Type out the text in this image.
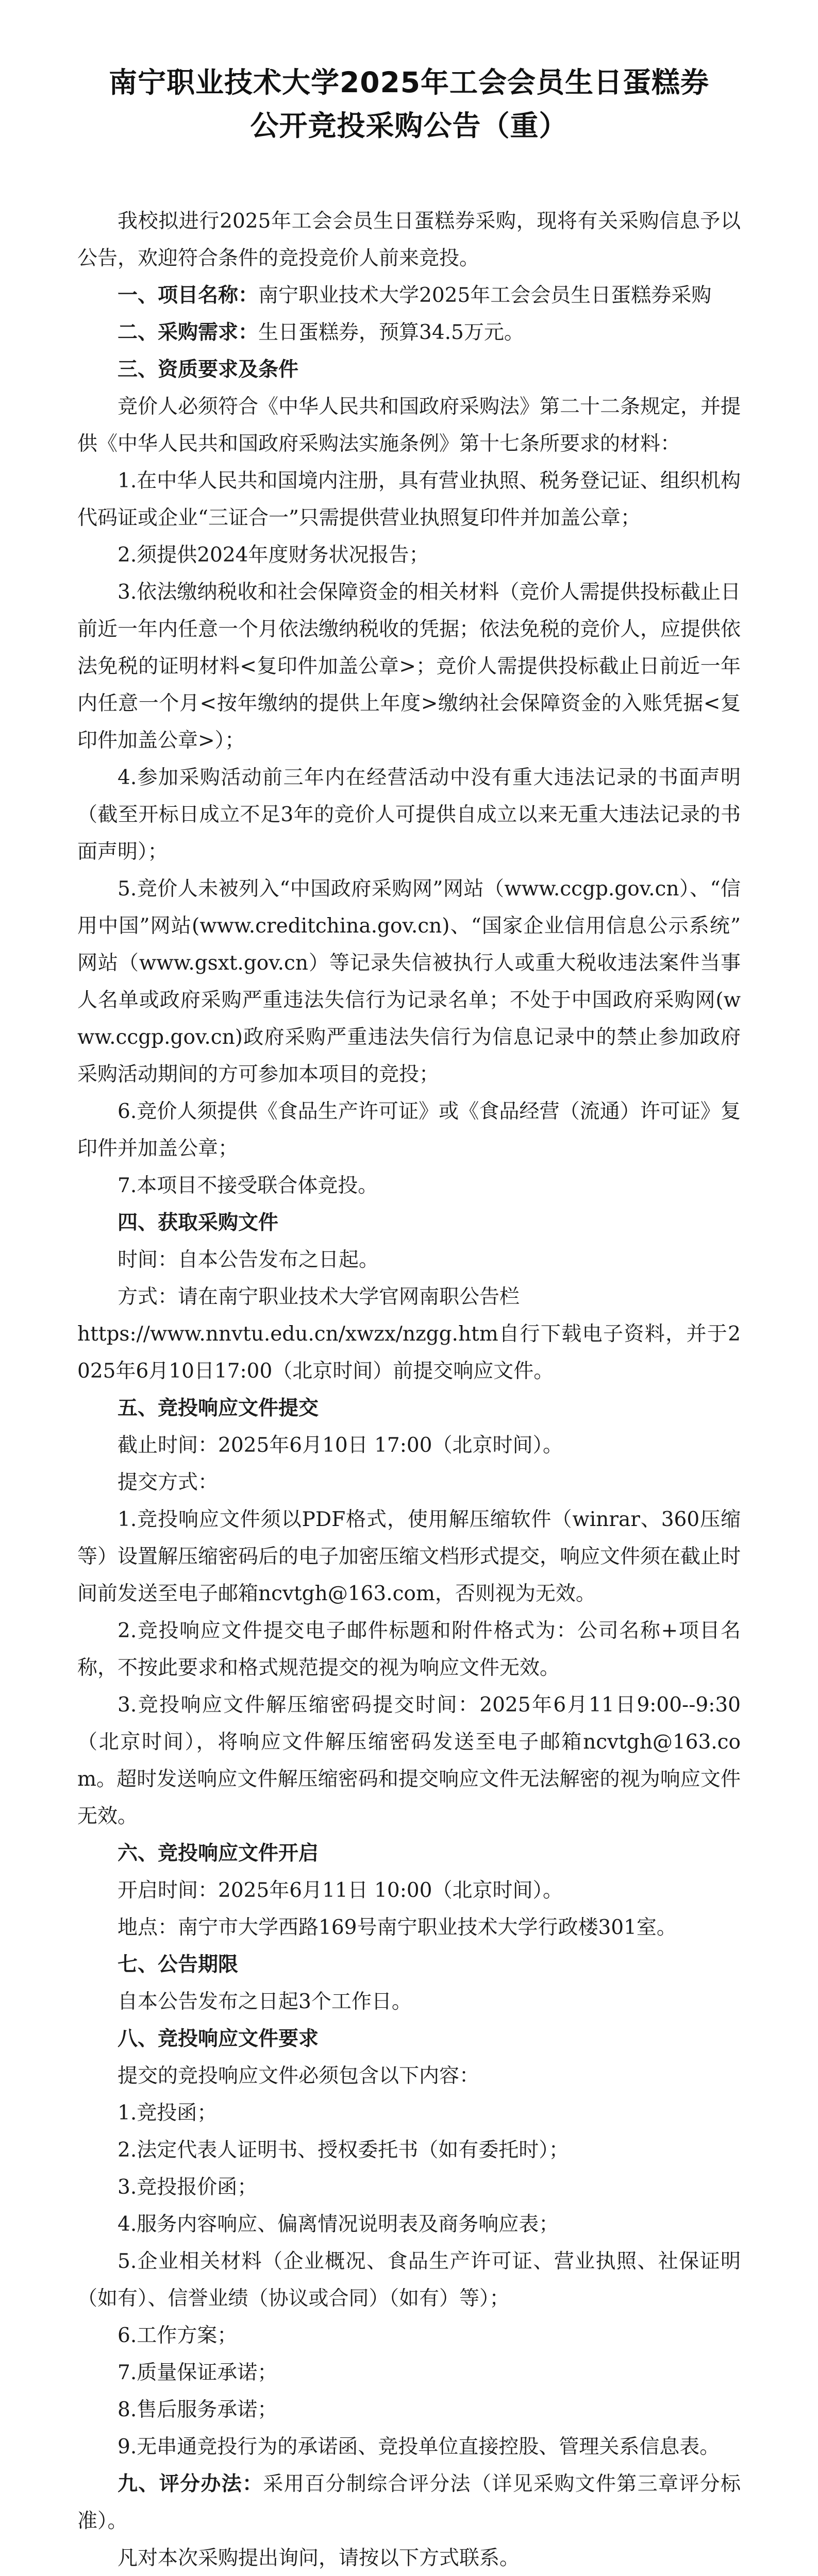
南宁职业技术大学2025年工会会员生日蛋糕券
公开竞投采购公告（重）

我校拟进行2025年工会会员生日蛋糕券采购，现将有关采购信息予以公告，欢迎符合条件的竞投竞价人前来竞投。

一、项目名称：南宁职业技术大学2025年工会会员生日蛋糕券采购

二、采购需求：生日蛋糕券，预算34.5万元。

三、资质要求及条件

竞价人必须符合《中华人民共和国政府采购法》第二十二条规定，并提供《中华人民共和国政府采购法实施条例》第十七条所要求的材料：

1.在中华人民共和国境内注册，具有营业执照、税务登记证、组织机构代码证或企业“三证合一”只需提供营业执照复印件并加盖公章；

2.须提供2024年度财务状况报告；

3.依法缴纳税收和社会保障资金的相关材料（竞价人需提供投标截止日前近一年内任意一个月依法缴纳税收的凭据；依法免税的竞价人，应提供依法免税的证明材料<复印件加盖公章>；竞价人需提供投标截止日前近一年内任意一个月<按年缴纳的提供上年度>缴纳社会保障资金的入账凭据<复印件加盖公章>）；

4.参加采购活动前三年内在经营活动中没有重大违法记录的书面声明（截至开标日成立不足3年的竞价人可提供自成立以来无重大违法记录的书面声明）；

5.竞价人未被列入“中国政府采购网”网站（www.ccgp.gov.cn）、“信用中国”网站(www.creditchina.gov.cn)、“国家企业信用信息公示系统” 网站（www.gsxt.gov.cn）等记录失信被执行人或重大税收违法案件当事人名单或政府采购严重违法失信行为记录名单；不处于中国政府采购网(www.ccgp.gov.cn)政府采购严重违法失信行为信息记录中的禁止参加政府采购活动期间的方可参加本项目的竞投；

6.竞价人须提供《食品生产许可证》或《食品经营（流通）许可证》复印件并加盖公章；

7.本项目不接受联合体竞投。

四、获取采购文件

时间：自本公告发布之日起。

方式：请在南宁职业技术大学官网南职公告栏

https://www.nnvtu.edu.cn/xwzx/nzgg.htm自行下载电子资料，并于2025年6月10日17:00（北京时间）前提交响应文件。

五、竞投响应文件提交

截止时间：2025年6月10日 17:00（北京时间）。

提交方式：

1.竞投响应文件须以PDF格式，使用解压缩软件（winrar、360压缩等）设置解压缩密码后的电子加密压缩文档形式提交，响应文件须在截止时间前发送至电子邮箱ncvtgh@163.com，否则视为无效。

2.竞投响应文件提交电子邮件标题和附件格式为：公司名称+项目名称，不按此要求和格式规范提交的视为响应文件无效。

3.竞投响应文件解压缩密码提交时间：2025年6月11日9:00--9:30（北京时间），将响应文件解压缩密码发送至电子邮箱ncvtgh@163.com。超时发送响应文件解压缩密码和提交响应文件无法解密的视为响应文件无效。

六、竞投响应文件开启

开启时间：2025年6月11日 10:00（北京时间）。

地点：南宁市大学西路169号南宁职业技术大学行政楼301室。

七、公告期限

自本公告发布之日起3个工作日。

八、竞投响应文件要求

提交的竞投响应文件必须包含以下内容：

1.竞投函；

2.法定代表人证明书、授权委托书（如有委托时）；

3.竞投报价函；

4.服务内容响应、偏离情况说明表及商务响应表；

5.企业相关材料（企业概况、食品生产许可证、营业执照、社保证明（如有）、信誉业绩（协议或合同）（如有）等）；

6.工作方案；

7.质量保证承诺；

8.售后服务承诺；

9.无串通竞投行为的承诺函、竞投单位直接控股、管理关系信息表。

九、评分办法：采用百分制综合评分法（详见采购文件第三章评分标准）。

凡对本次采购提出询问，请按以下方式联系。
